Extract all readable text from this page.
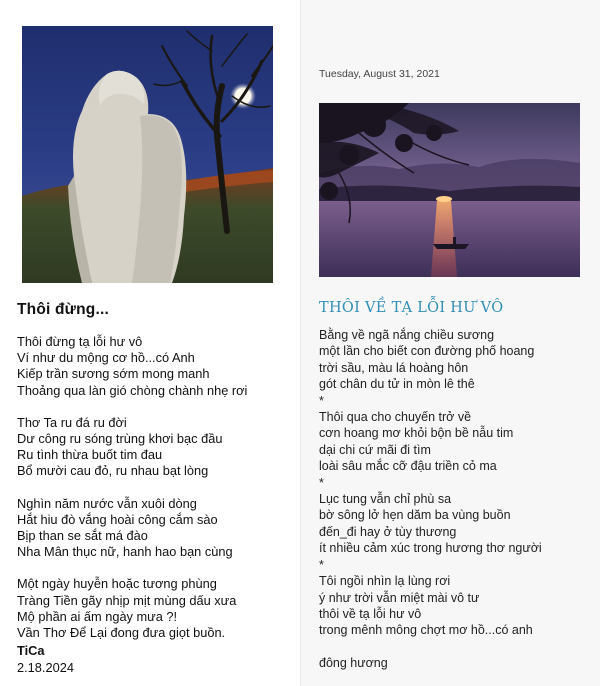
Thôi đừng...
Thôi đừng tạ lỗi hư vô
Ví như du mộng cơ hồ...có Anh
Kiếp trần sương sớm mong manh
Thoảng qua làn gió chòng chành nhẹ rơi
Thơ Ta ru đá ru đời
Dư công ru sóng trùng khơi bạc đầu
Ru tình thừa buốt tim đau
Bổ mười cau đỏ, ru nhau bạt lòng
Nghìn năm nước vẫn xuôi dòng
Hắt hiu đò vắng hoài công cắm sào
Bịp than se sắt má đào
Nha Mân thục nữ, hanh hao bạn cùng
Một ngày huyễn hoặc tương phùng
Tràng Tiền gãy nhịp mịt mùng dấu xưa
Mộ phần ai ấm ngày mưa ?!
Vần Thơ Để Lại đong đưa giọt buồn.
TiCa
2.18.2024
Tuesday, August 31, 2021
THÔI VỀ TẠ LỖI HƯ VÔ
Bằng về ngã nắng chiều sương
một lần cho biết con đường phố hoang
trời sầu, màu lá hoàng hôn
gót chân du tử in mòn lê thê
*
Thôi qua cho chuyến trở về
cơn hoang mơ khỏi bộn bề nẫu tim
dại chi cứ mãi đi tìm
loài sâu mắc cỡ đậu triền cỏ ma
*
Lục tung vẫn chỉ phù sa
bờ sông lở hẹn dăm ba vùng buồn
đến_đi hay ở tùy thương
ít nhiều cảm xúc trong hương thơ người
*
Tôi ngồi nhìn lạ lùng rơi
ý như trời vẫn miệt mài vô tư
thôi về tạ lỗi hư vô
trong mênh mông chợt mơ hồ...có anh
đông hương
